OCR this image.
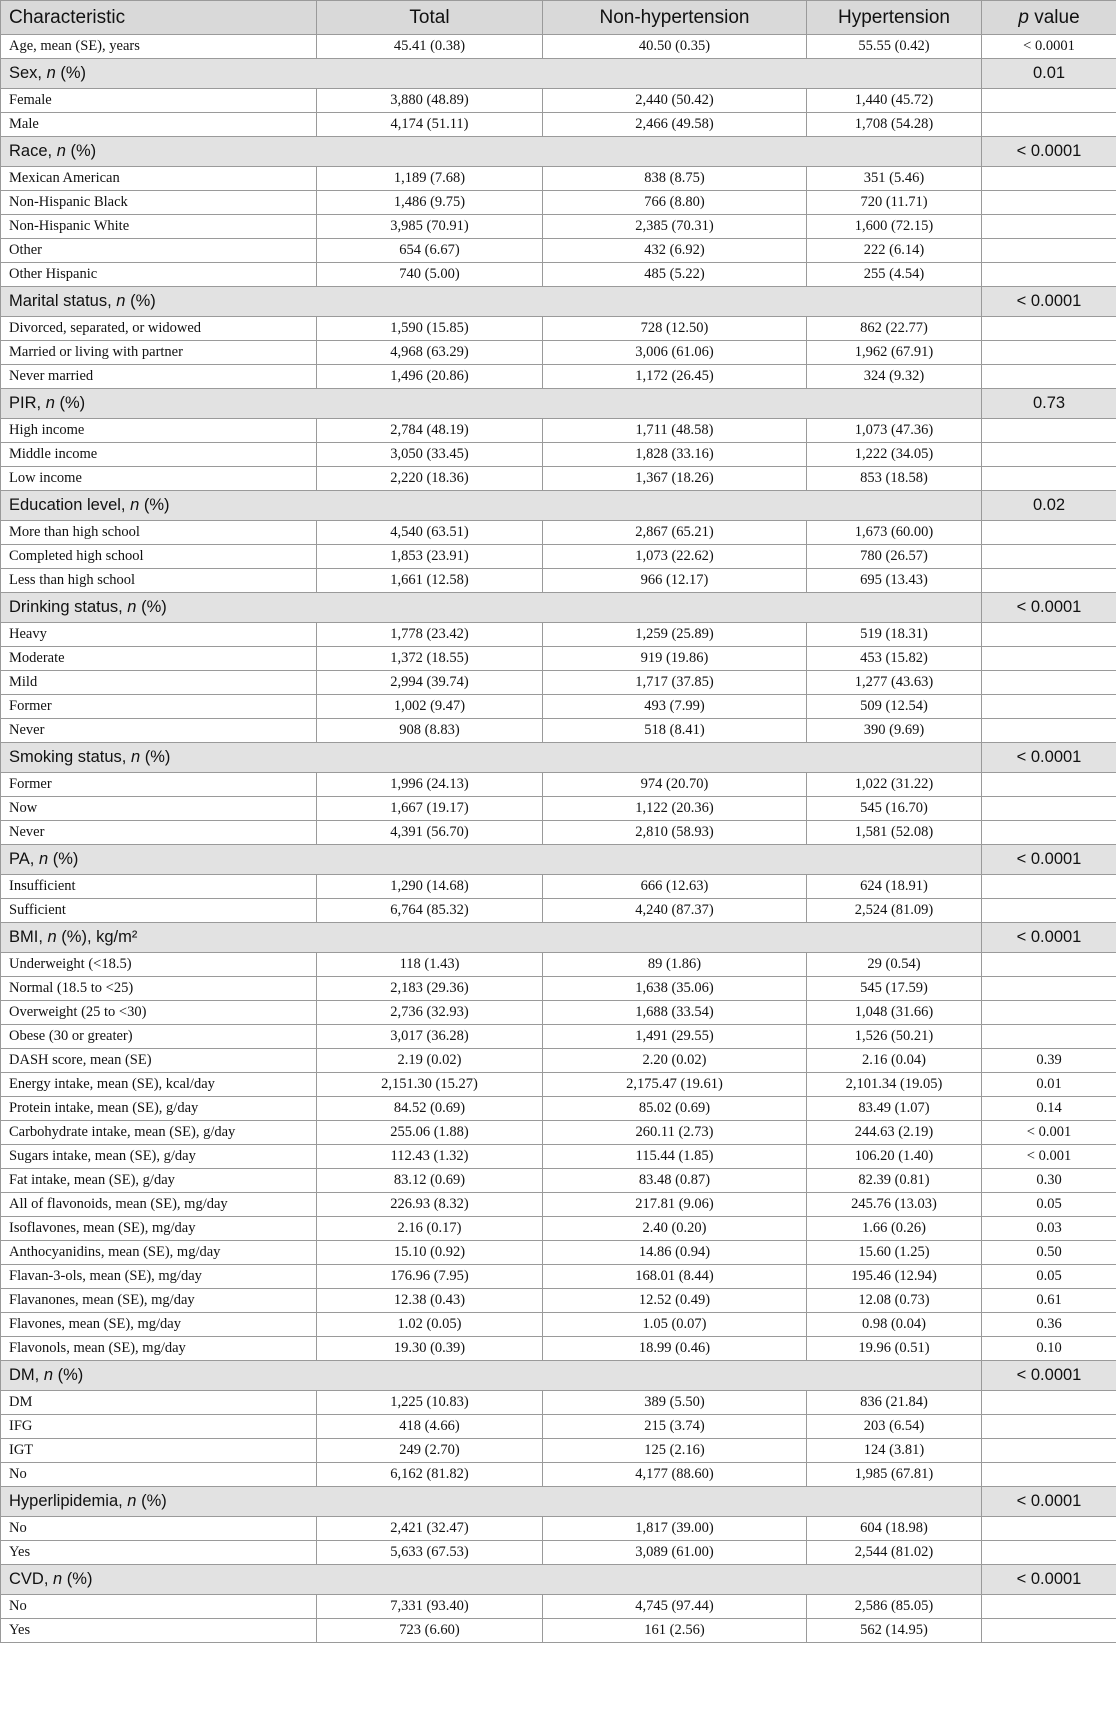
Characteristic	Total	Non-hypertension	Hypertension	p value
Age, mean (SE), years	45.41 (0.38)	40.50 (0.35)	55.55 (0.42)	< 0.0001
Sex, n (%)				0.01
Female	3,880 (48.89)	2,440 (50.42)	1,440 (45.72)	
Male	4,174 (51.11)	2,466 (49.58)	1,708 (54.28)	
Race, n (%)				< 0.0001
Mexican American	1,189 (7.68)	838 (8.75)	351 (5.46)	
Non-Hispanic Black	1,486 (9.75)	766 (8.80)	720 (11.71)	
Non-Hispanic White	3,985 (70.91)	2,385 (70.31)	1,600 (72.15)	
Other	654 (6.67)	432 (6.92)	222 (6.14)	
Other Hispanic	740 (5.00)	485 (5.22)	255 (4.54)	
Marital status, n (%)				< 0.0001
Divorced, separated, or widowed	1,590 (15.85)	728 (12.50)	862 (22.77)	
Married or living with partner	4,968 (63.29)	3,006 (61.06)	1,962 (67.91)	
Never married	1,496 (20.86)	1,172 (26.45)	324 (9.32)	
PIR, n (%)				0.73
High income	2,784 (48.19)	1,711 (48.58)	1,073 (47.36)	
Middle income	3,050 (33.45)	1,828 (33.16)	1,222 (34.05)	
Low income	2,220 (18.36)	1,367 (18.26)	853 (18.58)	
Education level, n (%)				0.02
More than high school	4,540 (63.51)	2,867 (65.21)	1,673 (60.00)	
Completed high school	1,853 (23.91)	1,073 (22.62)	780 (26.57)	
Less than high school	1,661 (12.58)	966 (12.17)	695 (13.43)	
Drinking status, n (%)				< 0.0001
Heavy	1,778 (23.42)	1,259 (25.89)	519 (18.31)	
Moderate	1,372 (18.55)	919 (19.86)	453 (15.82)	
Mild	2,994 (39.74)	1,717 (37.85)	1,277 (43.63)	
Former	1,002 (9.47)	493 (7.99)	509 (12.54)	
Never	908 (8.83)	518 (8.41)	390 (9.69)	
Smoking status, n (%)				< 0.0001
Former	1,996 (24.13)	974 (20.70)	1,022 (31.22)	
Now	1,667 (19.17)	1,122 (20.36)	545 (16.70)	
Never	4,391 (56.70)	2,810 (58.93)	1,581 (52.08)	
PA, n (%)				< 0.0001
Insufficient	1,290 (14.68)	666 (12.63)	624 (18.91)	
Sufficient	6,764 (85.32)	4,240 (87.37)	2,524 (81.09)	
BMI, n (%), kg/m²				< 0.0001
Underweight (<18.5)	118 (1.43)	89 (1.86)	29 (0.54)	
Normal (18.5 to <25)	2,183 (29.36)	1,638 (35.06)	545 (17.59)	
Overweight (25 to <30)	2,736 (32.93)	1,688 (33.54)	1,048 (31.66)	
Obese (30 or greater)	3,017 (36.28)	1,491 (29.55)	1,526 (50.21)	
DASH score, mean (SE)	2.19 (0.02)	2.20 (0.02)	2.16 (0.04)	0.39
Energy intake, mean (SE), kcal/day	2,151.30 (15.27)	2,175.47 (19.61)	2,101.34 (19.05)	0.01
Protein intake, mean (SE), g/day	84.52 (0.69)	85.02 (0.69)	83.49 (1.07)	0.14
Carbohydrate intake, mean (SE), g/day	255.06 (1.88)	260.11 (2.73)	244.63 (2.19)	< 0.001
Sugars intake, mean (SE), g/day	112.43 (1.32)	115.44 (1.85)	106.20 (1.40)	< 0.001
Fat intake, mean (SE), g/day	83.12 (0.69)	83.48 (0.87)	82.39 (0.81)	0.30
All of flavonoids, mean (SE), mg/day	226.93 (8.32)	217.81 (9.06)	245.76 (13.03)	0.05
Isoflavones, mean (SE), mg/day	2.16 (0.17)	2.40 (0.20)	1.66 (0.26)	0.03
Anthocyanidins, mean (SE), mg/day	15.10 (0.92)	14.86 (0.94)	15.60 (1.25)	0.50
Flavan-3-ols, mean (SE), mg/day	176.96 (7.95)	168.01 (8.44)	195.46 (12.94)	0.05
Flavanones, mean (SE), mg/day	12.38 (0.43)	12.52 (0.49)	12.08 (0.73)	0.61
Flavones, mean (SE), mg/day	1.02 (0.05)	1.05 (0.07)	0.98 (0.04)	0.36
Flavonols, mean (SE), mg/day	19.30 (0.39)	18.99 (0.46)	19.96 (0.51)	0.10
DM, n (%)				< 0.0001
DM	1,225 (10.83)	389 (5.50)	836 (21.84)	
IFG	418 (4.66)	215 (3.74)	203 (6.54)	
IGT	249 (2.70)	125 (2.16)	124 (3.81)	
No	6,162 (81.82)	4,177 (88.60)	1,985 (67.81)	
Hyperlipidemia, n (%)				< 0.0001
No	2,421 (32.47)	1,817 (39.00)	604 (18.98)	
Yes	5,633 (67.53)	3,089 (61.00)	2,544 (81.02)	
CVD, n (%)				< 0.0001
No	7,331 (93.40)	4,745 (97.44)	2,586 (85.05)	
Yes	723 (6.60)	161 (2.56)	562 (14.95)	
